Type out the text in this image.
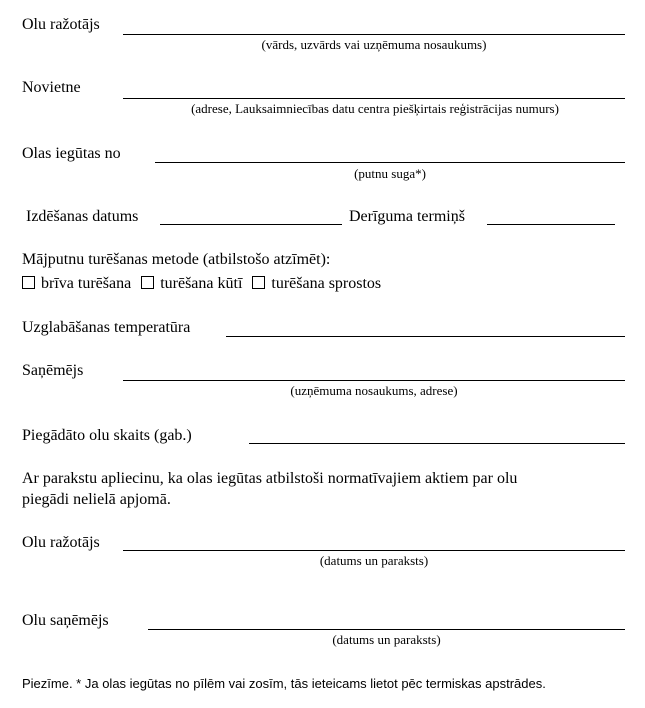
Olu ražotājs
(vārds, uzvārds vai uzņēmuma nosaukums)
Novietne
(adrese, Lauksaimniecības datu centra piešķirtais reģistrācijas numurs)
Olas iegūtas no
(putnu suga*)
Izdēšanas datums	Derīguma termiņš
Mājputnu turēšanas metode (atbilstošo atzīmēt):
brīva turēšana turēšana kūtī turēšana sprostos
Uzglabāšanas temperatūra
Saņēmējs
(uzņēmuma nosaukums, adrese)
Piegādāto olu skaits (gab.)
Ar parakstu apliecinu, ka olas iegūtas atbilstoši normatīvajiem aktiem par olu
piegādi nelielā apjomā.
Olu ražotājs
(datums un paraksts)
Olu saņēmējs
(datums un paraksts)
Piezīme. * Ja olas iegūtas no pīlēm vai zosīm, tās ieteicams lietot pēc termiskas apstrādes.
